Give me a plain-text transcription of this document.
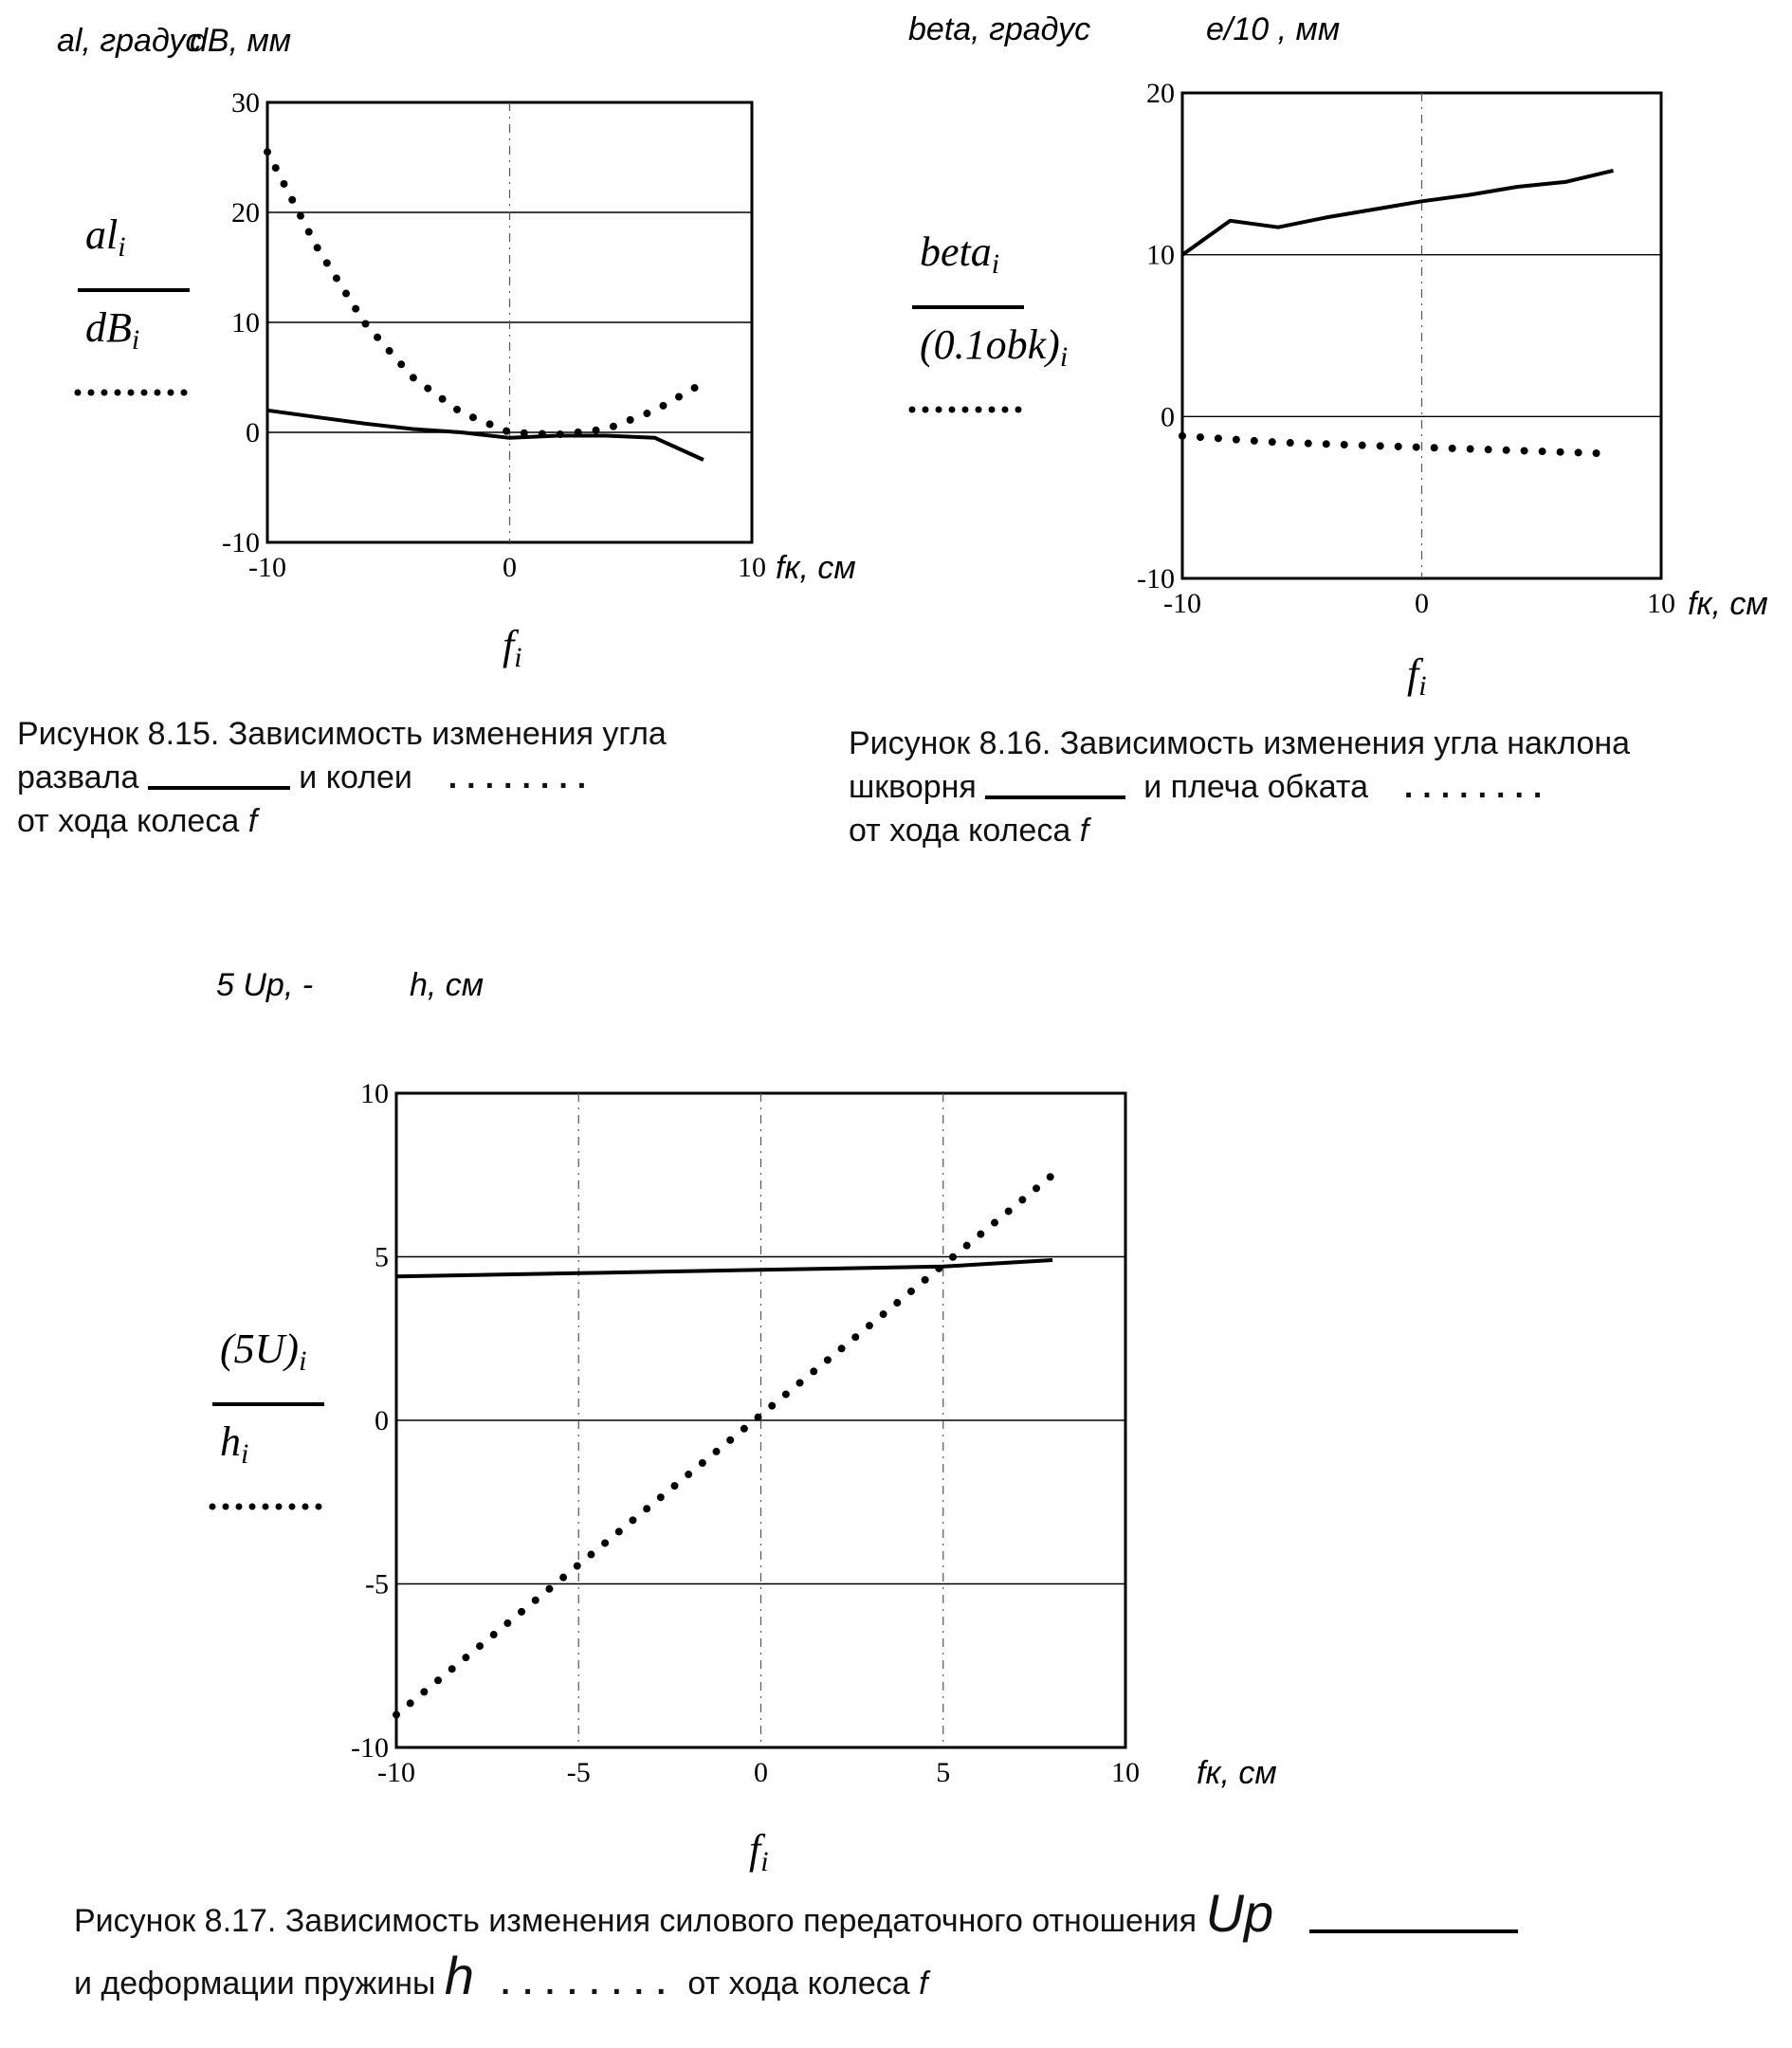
30
20
10
0
-10
-10	0	10 fк, см
al, градус
dB, мм
fi
ali
dBi
20
10
0
-10
-10	0	10 fк, см
beta, градус	e/10 , мм
fi
betai
(0.1obk)i
10
5
0
-5
-10
-10	-5	0	5	10 fк, см
5 Up, -	h, см
fi
(5U)i
hi
Рисунок 8.15. Зависимость изменения угла
развала	и колеи ........
от хода колеса f
Рисунок 8.16. Зависимость изменения угла наклона
шкворня	и плеча обката ........
от хода колеса f
Рисунок 8.17. Зависимость изменения силового передаточного отношения Up
и деформации пружины h ........ от хода колеса f
